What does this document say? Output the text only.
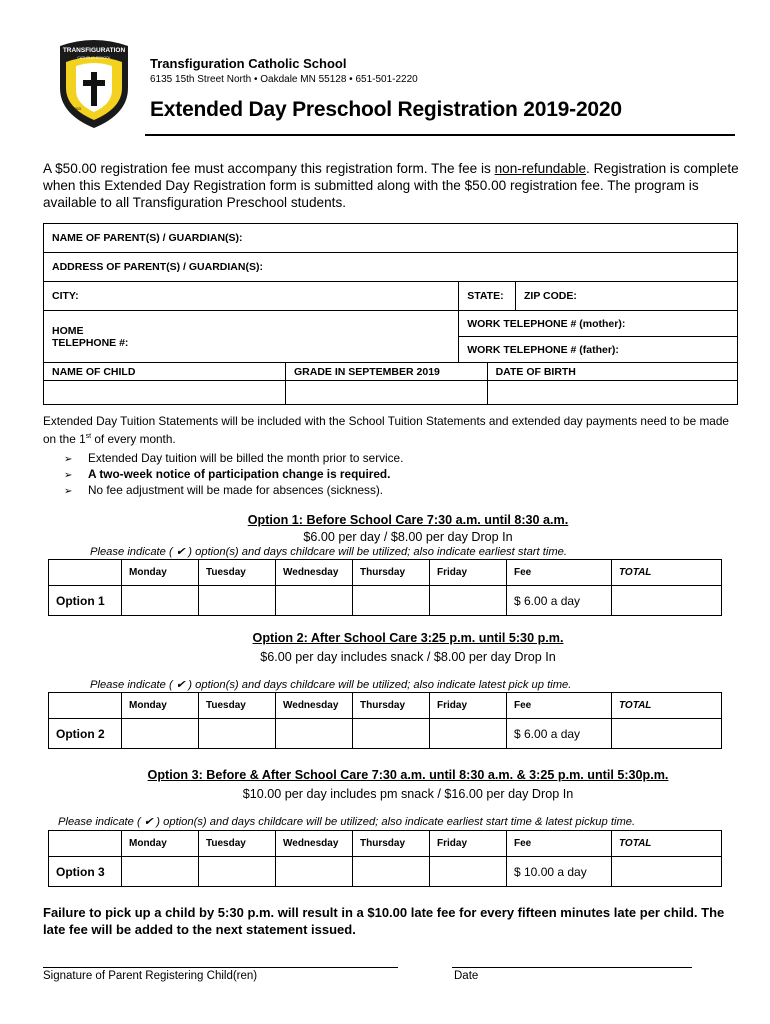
TRANSFIGURATION
CATHOLIC SCHOOL
1953
Transfiguration Catholic School
6135 15th Street North • Oakdale MN 55128 • 651-501-2220
Extended Day Preschool Registration 2019-2020
A $50.00 registration fee must accompany this registration form. The fee is non-refundable. Registration is complete when this Extended Day Registration form is submitted along with the $50.00 registration fee. The program is available to all Transfiguration Preschool students.
NAME OF PARENT(S) / GUARDIAN(S):				
ADDRESS OF PARENT(S) / GUARDIAN(S):				
CITY:		STATE:		ZIP CODE:

HOME
TELEPHONE #:		WORK TELEPHONE # (mother):		
		WORK TELEPHONE # (father):		
NAME OF CHILD	GRADE IN SEPTEMBER 2019		DATE OF BIRTH	

Extended Day Tuition Statements will be included with the School Tuition Statements and extended day payments need to be made on the 1st of every month.
➢ Extended Day tuition will be billed the month prior to service.
➢ A two-week notice of participation change is required.
➢ No fee adjustment will be made for absences (sickness).
Option 1: Before School Care 7:30 a.m. until 8:30 a.m.
$6.00 per day / $8.00 per day Drop In
Please indicate ( ✔ ) option(s) and days childcare will be utilized; also indicate earliest start time.
	Monday	Tuesday	Wednesday	Thursday	Friday	Fee	TOTAL
Option 1						$ 6.00 a day	
Option 2: After School Care 3:25 p.m. until 5:30 p.m.
$6.00 per day includes snack / $8.00 per day Drop In
Please indicate ( ✔ ) option(s) and days childcare will be utilized; also indicate latest pick up time.
	Monday	Tuesday	Wednesday	Thursday	Friday	Fee	TOTAL
Option 2						$ 6.00 a day	
Option 3: Before & After School Care 7:30 a.m. until 8:30 a.m. & 3:25 p.m. until 5:30p.m.
$10.00 per day includes pm snack / $16.00 per day Drop In
Please indicate ( ✔ ) option(s) and days childcare will be utilized; also indicate earliest start time & latest pickup time.
	Monday	Tuesday	Wednesday	Thursday	Friday	Fee	TOTAL
Option 3						$ 10.00 a day	
Failure to pick up a child by 5:30 p.m. will result in a $10.00 late fee for every fifteen minutes late per child. The late fee will be added to the next statement issued.
Signature of Parent Registering Child(ren)	Date
